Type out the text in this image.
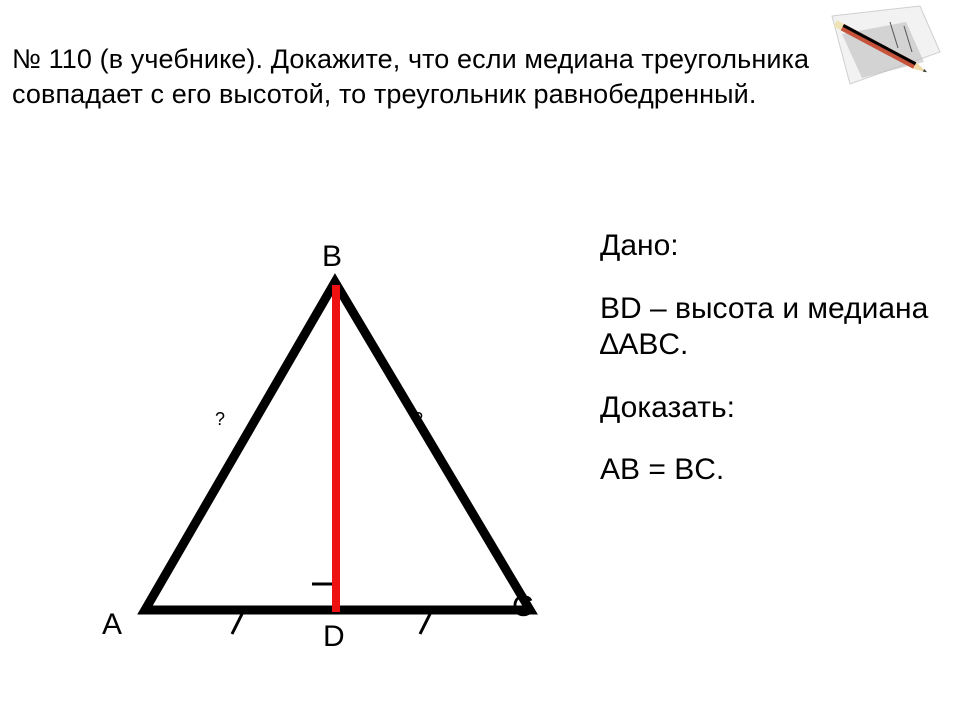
№ 110 (в учебнике). Докажите, что если медиана треугольника совпадает с его высотой, то треугольник равнобедренный.
B
A
C
D
?	?
Дано:
BD – высота и медиана ∆ABC.
Доказать:
AB = BC.
